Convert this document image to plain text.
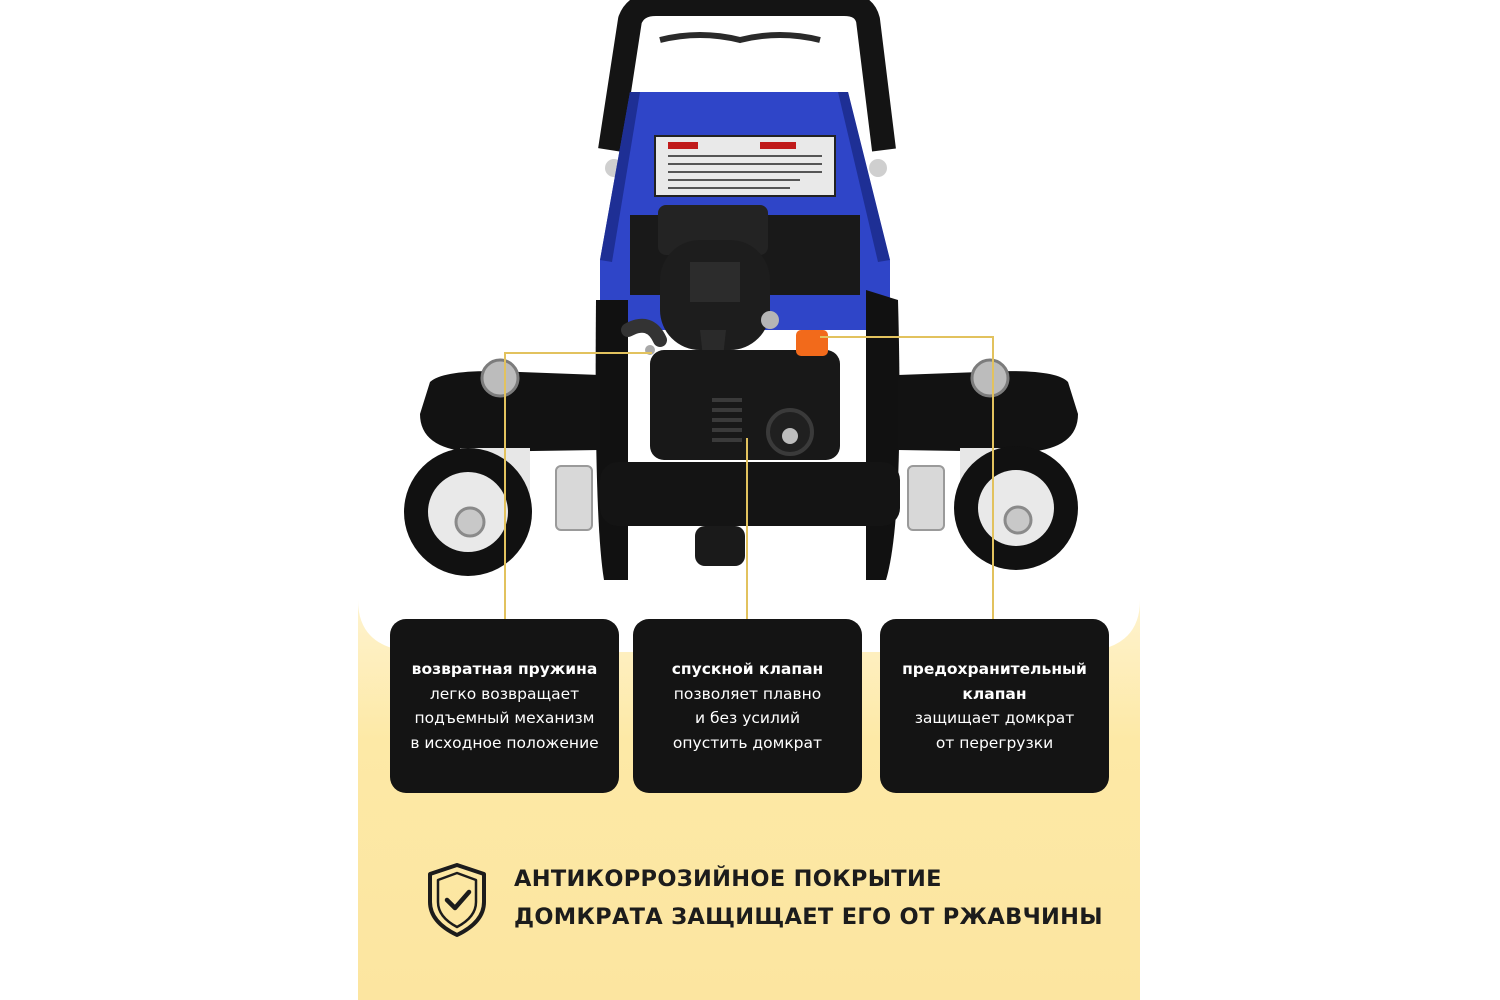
возвратная пружина
легко возвращает
подъемный механизм
в исходное положение
спускной клапан
позволяет плавно
и без усилий
опустить домкрат
предохранительный
клапан
защищает домкрат
от перегрузки
АНТИКОРРОЗИЙНОЕ ПОКРЫТИЕ
ДОМКРАТА ЗАЩИЩАЕТ ЕГО ОТ РЖАВЧИНЫ
